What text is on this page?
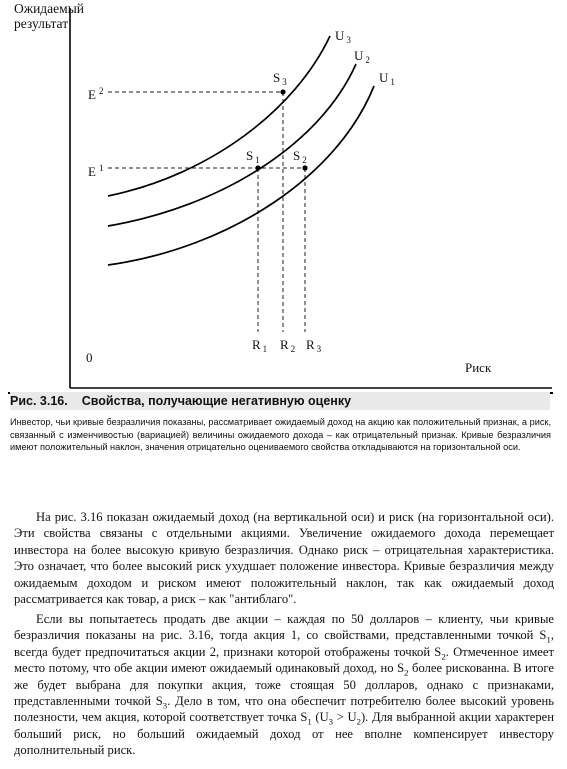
Ожидаемый результат
Риск
0
E $^2$
E $^1$
R $_1$ R $_2$ R $_3$
U $_3$
U $_2$
U $_1$
S $_3$
S $_1$	S $_2$
Рис. 3.16. Свойства, получающие негативную оценку
Инвестор, чьи кривые безразличия показаны, рассматривает ожидаемый доход на акцию как положительный признак, а риск, связанный с изменчивостью (вариацией) величины ожидаемого дохода – как отрицательный признак. Кривые безразличия имеют положительный наклон, значения отрицательно оцениваемого свойства откладываются на горизонтальной оси.
На рис. 3.16 показан ожидаемый доход (на вертикальной оси) и риск (на горизонтальной оси). Эти свойства связаны с отдельными акциями. Увеличение ожидаемого дохода перемещает инвестора на более высокую кривую безразличия. Однако риск – отрицательная характеристика. Это означает, что более высокий риск ухудшает положение инвестора. Кривые безразличия между ожидаемым доходом и риском имеют положительный наклон, так как ожидаемый доход рассматривается как товар, а риск – как "антиблаго".
Если вы попытаетесь продать две акции – каждая по 50 долларов – клиенту, чьи кривые безразличия показаны на рис. 3.16, тогда акция 1, со свойствами, представленными точкой $S_1$, всегда будет предпочитаться акции 2, признаки которой отображены точкой $S_2$. Отмеченное имеет место потому, что обе акции имеют ожидаемый одинаковый доход, но $S_2$ более рискованна. В итоге же будет выбрана для покупки акция, тоже стоящая 50 долларов, однако с признаками, представленными точкой $S_3$. Дело в том, что она обеспечит потребителю более высокий уровень полезности, чем акция, которой соответствует точка $S_1$ $(U_3 > U_2)$. Для выбранной акции характерен больший риск, но больший ожидаемый доход от нее вполне компенсирует инвестору дополнительный риск.
